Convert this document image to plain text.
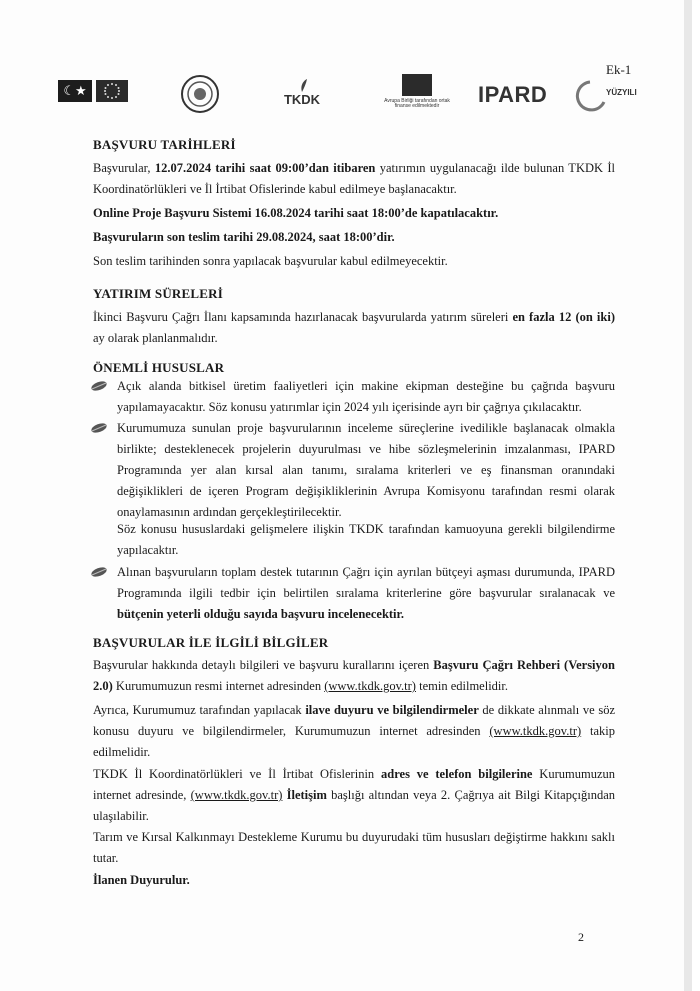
Ek-1
☾★
TKDK	Avrupa Birliği tarafından ortak finanse edilmektedir	IPARD	YÜZYILI
BAŞVURU TARİHLERİ
Başvurular, 12.07.2024 tarihi saat 09:00’dan itibaren yatırımın uygulanacağı ilde bulunan TKDK İl Koordinatörlükleri ve İl İrtibat Ofislerinde kabul edilmeye başlanacaktır.
Online Proje Başvuru Sistemi 16.08.2024 tarihi saat 18:00’de kapatılacaktır.
Başvuruların son teslim tarihi 29.08.2024, saat 18:00’dir.
Son teslim tarihinden sonra yapılacak başvurular kabul edilmeyecektir.
YATIRIM SÜRELERİ
İkinci Başvuru Çağrı İlanı kapsamında hazırlanacak başvurularda yatırım süreleri en fazla 12 (on iki) ay olarak planlanmalıdır.
ÖNEMLİ HUSUSLAR
Açık alanda bitkisel üretim faaliyetleri için makine ekipman desteğine bu çağrıda başvuru yapılamayacaktır. Söz konusu yatırımlar için 2024 yılı içerisinde ayrı bir çağrıya çıkılacaktır.
Kurumumuza sunulan proje başvurularının inceleme süreçlerine ivedilikle başlanacak olmakla birlikte; desteklenecek projelerin duyurulması ve hibe sözleşmelerinin imzalanması, IPARD Programında yer alan kırsal alan tanımı, sıralama kriterleri ve eş finansman oranındaki değişiklikleri de içeren Program değişikliklerinin Avrupa Komisyonu tarafından resmi olarak onaylamasının ardından gerçekleştirilecektir.
Söz konusu hususlardaki gelişmelere ilişkin TKDK tarafından kamuoyuna gerekli bilgilendirme yapılacaktır.
Alınan başvuruların toplam destek tutarının Çağrı için ayrılan bütçeyi aşması durumunda, IPARD Programında ilgili tedbir için belirtilen sıralama kriterlerine göre başvurular sıralanacak ve bütçenin yeterli olduğu sayıda başvuru incelenecektir.
BAŞVURULAR İLE İLGİLİ BİLGİLER
Başvurular hakkında detaylı bilgileri ve başvuru kurallarını içeren Başvuru Çağrı Rehberi (Versiyon 2.0) Kurumumuzun resmi internet adresinden (www.tkdk.gov.tr) temin edilmelidir.
Ayrıca, Kurumumuz tarafından yapılacak ilave duyuru ve bilgilendirmeler de dikkate alınmalı ve söz konusu duyuru ve bilgilendirmeler, Kurumumuzun internet adresinden (www.tkdk.gov.tr) takip edilmelidir.
TKDK İl Koordinatörlükleri ve İl İrtibat Ofislerinin adres ve telefon bilgilerine Kurumumuzun internet adresinde, (www.tkdk.gov.tr) İletişim başlığı altından veya 2. Çağrıya ait Bilgi Kitapçığından ulaşılabilir.
Tarım ve Kırsal Kalkınmayı Destekleme Kurumu bu duyurudaki tüm hususları değiştirme hakkını saklı tutar.
İlanen Duyurulur.
2
